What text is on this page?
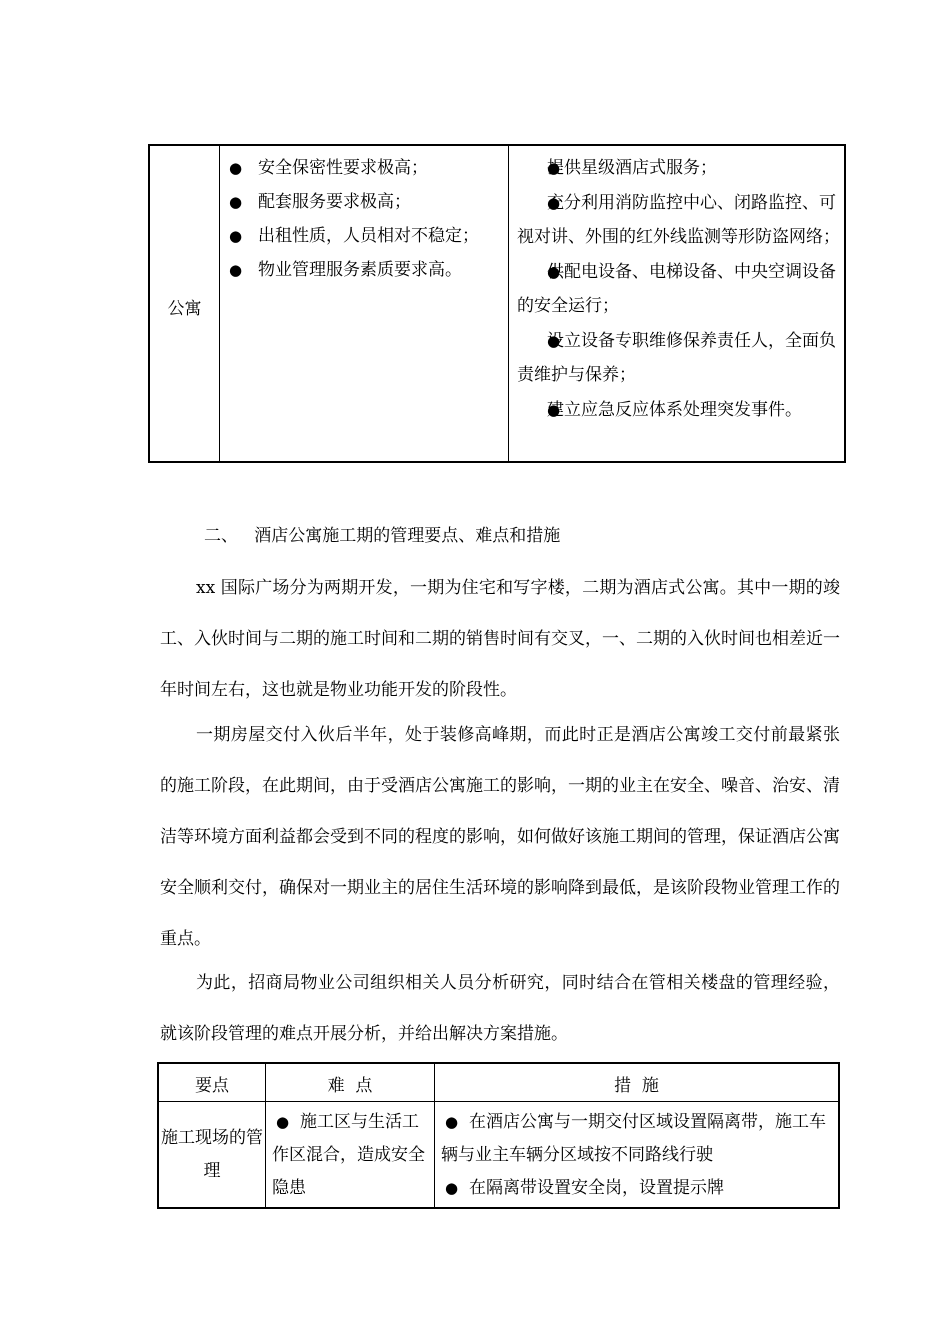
公寓
● 安全保密性要求极高；
● 配套服务要求极高；
● 出租性质，人员相对不稳定；
● 物业管理服务素质要求高。
● 提供星级酒店式服务；
● 充分利用消防监控中心、闭路监控、可视对讲、外围的红外线监测等形防盗网络；
● 供配电设备、电梯设备、中央空调设备的安全运行；
● 设立设备专职维修保养责任人，全面负责维护与保养；
● 建立应急反应体系处理突发事件。
二、   酒店公寓施工期的管理要点、难点和措施

xx 国际广场分为两期开发，一期为住宅和写字楼，二期为酒店式公寓。其中一期的竣工、入伙时间与二期的施工时间和二期的销售时间有交叉，一、二期的入伙时间也相差近一年时间左右，这也就是物业功能开发的阶段性。

一期房屋交付入伙后半年，处于装修高峰期，而此时正是酒店公寓竣工交付前最紧张的施工阶段，在此期间，由于受酒店公寓施工的影响，一期的业主在安全、噪音、治安、清洁等环境方面利益都会受到不同的程度的影响，如何做好该施工期间的管理，保证酒店公寓安全顺利交付，确保对一期业主的居住生活环境的影响降到最低，是该阶段物业管理工作的重点。

为此，招商局物业公司组织相关人员分析研究，同时结合在管相关楼盘的管理经验，就该阶段管理的难点开展分析，并给出解决方案措施。

要点
施工现场的管理
难  点
● 施工区与生活工作区混合，造成安全隐患
措  施
● 在酒店公寓与一期交付区域设置隔离带，施工车辆与业主车辆分区域按不同路线行驶
● 在隔离带设置安全岗，设置提示牌
